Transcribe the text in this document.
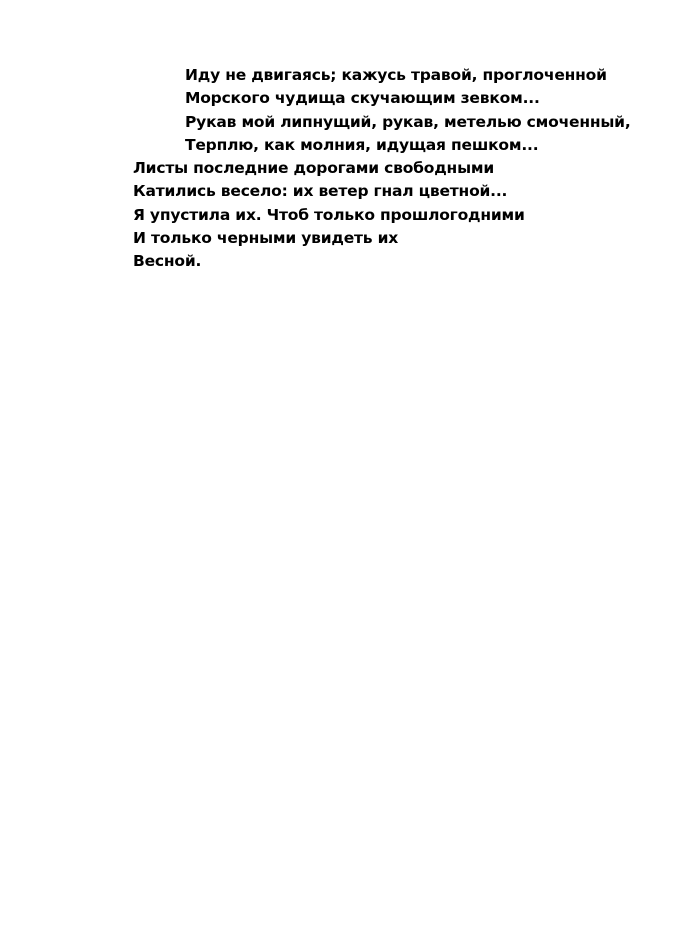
Иду не двигаясь; кажусь травой, проглоченной
Морского чудища скучающим зевком...
Рукав мой липнущий, рукав, метелью смоченный,
Терплю, как молния, идущая пешком...
Листы последние дорогами свободными
Катились весело: их ветер гнал цветной...
Я упустила их. Чтоб только прошлогодними
И только черными увидеть их
Весной.
